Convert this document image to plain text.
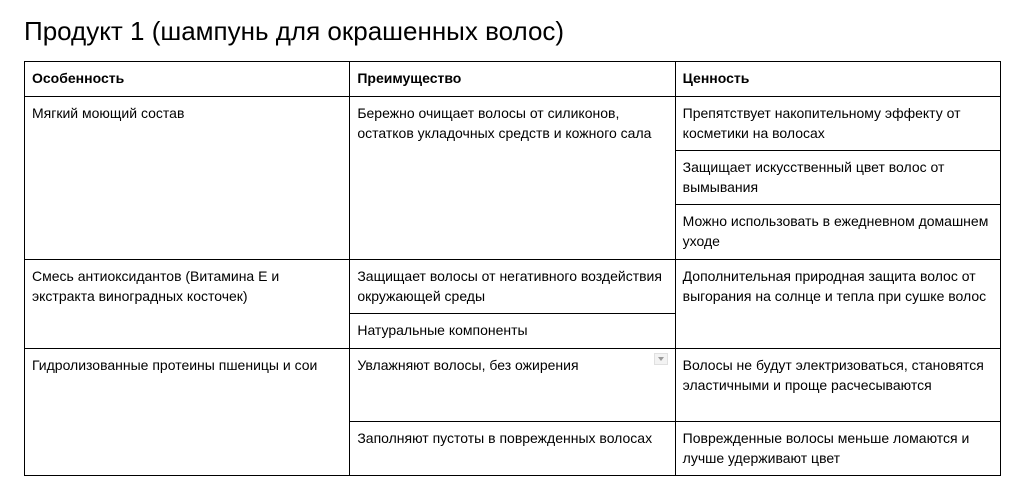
Продукт 1 (шампунь для окрашенных волос)
Особенность	Преимущество	Ценность
Мягкий моющий состав	Бережно очищает волосы от силиконов, остатков укладочных средств и кожного сала	Препятствует накопительному эффекту от косметики на волосах
		Защищает искусственный цвет волос от вымывания
		Можно использовать в ежедневном домашнем уходе
Смесь антиоксидантов (Витамина Е и экстракта виноградных косточек)	Защищает волосы от негативного воздействия окружающей среды	Дополнительная природная защита волос от выгорания на солнце и тепла при сушке волос
	Натуральные компоненты	
Гидролизованные протеины пшеницы и сои	Увлажняют волосы, без ожирения	Волосы не будут электризоваться, становятся эластичными и проще расчесываются
	Заполняют пустоты в поврежденных волосах	Поврежденные волосы меньше ломаются и лучше удерживают цвет
